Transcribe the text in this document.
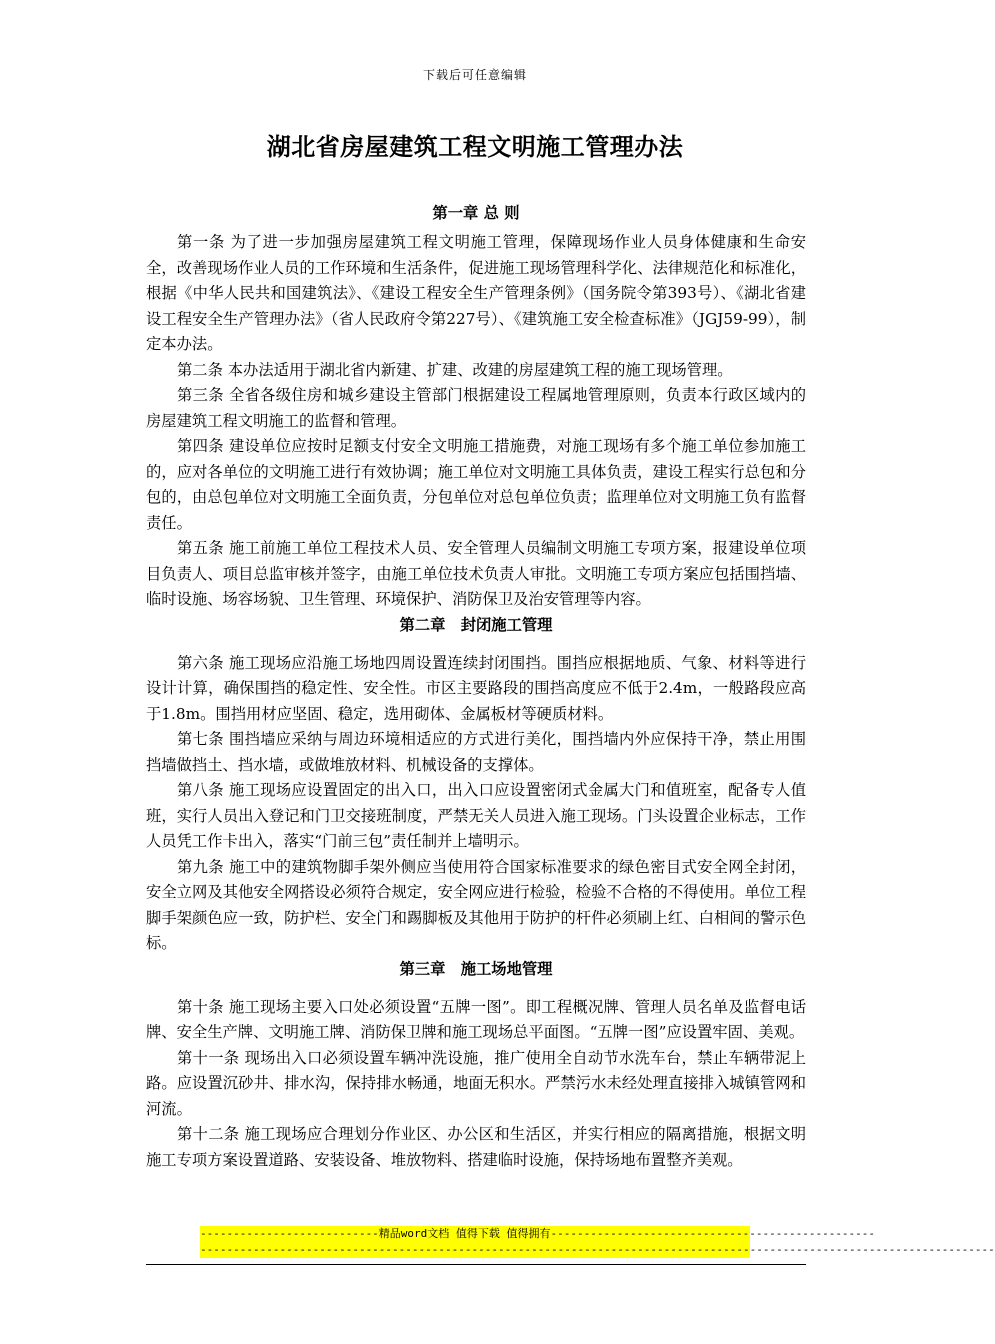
下载后可任意编辑
湖北省房屋建筑工程文明施工管理办法
第一章 总 则

第一条 为了进一步加强房屋建筑工程文明施工管理，保障现场作业人员身体健康和生命安全，改善现场作业人员的工作环境和生活条件，促进施工现场管理科学化、法律规范化和标准化，根据《中华人民共和国建筑法》、《建设工程安全生产管理条例》（国务院令第393号）、《湖北省建设工程安全生产管理办法》（省人民政府令第227号）、《建筑施工安全检查标准》（JGJ59-99），制定本办法。

第二条 本办法适用于湖北省内新建、扩建、改建的房屋建筑工程的施工现场管理。

第三条 全省各级住房和城乡建设主管部门根据建设工程属地管理原则，负责本行政区域内的房屋建筑工程文明施工的监督和管理。

第四条 建设单位应按时足额支付安全文明施工措施费，对施工现场有多个施工单位参加施工的，应对各单位的文明施工进行有效协调；施工单位对文明施工具体负责，建设工程实行总包和分包的，由总包单位对文明施工全面负责，分包单位对总包单位负责；监理单位对文明施工负有监督责任。

第五条 施工前施工单位工程技术人员、安全管理人员编制文明施工专项方案，报建设单位项目负责人、项目总监审核并签字，由施工单位技术负责人审批。文明施工专项方案应包括围挡墙、临时设施、场容场貌、卫生管理、环境保护、消防保卫及治安管理等内容。

第二章　封闭施工管理

第六条 施工现场应沿施工场地四周设置连续封闭围挡。围挡应根据地质、气象、材料等进行设计计算，确保围挡的稳定性、安全性。市区主要路段的围挡高度应不低于2.4m，一般路段应高于1.8m。围挡用材应坚固、稳定，选用砌体、金属板材等硬质材料。

第七条 围挡墙应采纳与周边环境相适应的方式进行美化，围挡墙内外应保持干净，禁止用围挡墙做挡土、挡水墙，或做堆放材料、机械设备的支撑体。

第八条 施工现场应设置固定的出入口，出入口应设置密闭式金属大门和值班室，配备专人值班，实行人员出入登记和门卫交接班制度，严禁无关人员进入施工现场。门头设置企业标志，工作人员凭工作卡出入，落实“门前三包”责任制并上墙明示。

第九条 施工中的建筑物脚手架外侧应当使用符合国家标准要求的绿色密目式安全网全封闭，安全立网及其他安全网搭设必须符合规定，安全网应进行检验，检验不合格的不得使用。单位工程脚手架颜色应一致，防护栏、安全门和踢脚板及其他用于防护的杆件必须刷上红、白相间的警示色标。

第三章　施工场地管理

第十条 施工现场主要入口处必须设置“五牌一图”。即工程概况牌、管理人员名单及监督电话牌、安全生产牌、文明施工牌、消防保卫牌和施工现场总平面图。“五牌一图”应设置牢固、美观。

第十一条 现场出入口必须设置车辆冲洗设施，推广使用全自动节水洗车台，禁止车辆带泥上路。应设置沉砂井、排水沟，保持排水畅通，地面无积水。严禁污水未经处理直接排入城镇管网和河流。

第十二条 施工现场应合理划分作业区、办公区和生活区，并实行相应的隔离措施，根据文明施工专项方案设置道路、安装设备、堆放物料、搭建临时设施，保持场地布置整齐美观。

---------------------------精品word文档 值得下载 值得拥有-------------------------------------------------
------------------------------------------------------------------------------------------------------------------------
